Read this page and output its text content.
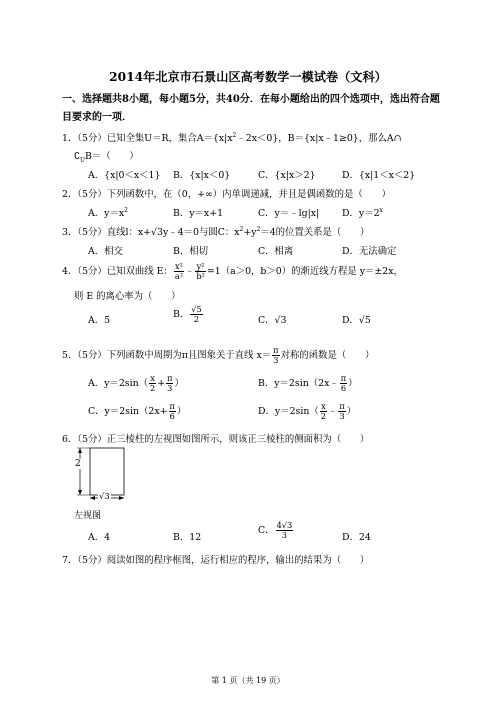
2014年北京市石景山区高考数学一模试卷（文科）
一、选择题共8小题，每小题5分，共40分．在每小题给出的四个选项中，选出符合题目要求的一项．
1．（5分）已知全集U＝R，集合$A=\{x|x^2﹣2x<0\}$，B＝{x|x﹣1≥0}，那么A∩
$∁_UB=$（　　）
A．{x|0＜x＜1} B．{x|x＜0}	C．{x|x＞2}	D．{x|1＜x＜2}
2．（5分）下列函数中，在（0，+∞）内单调递减，并且是偶函数的是（　　）
A．$y=x^2$	B．y＝x+1	C．y＝﹣lg|x| D．$y=2^x$
3．（5分）直线l：x+√3y﹣4＝0与圆C：$x^2+y^2=4$的位置关系是（　　）
A．相交	B．相切	C．相离	D．无法确定
4．（5分）已知双曲线 E： $\frac{\text{x²}}{\text{a²}}$ ﹣ $\frac{\text{y²}}{\text{b²}} =1(a>0$，b＞0）的渐近线方程是 y＝±2x，
则 E 的离心率为（　　）
A．5
B． $\frac{√5}{2}$	C．√3	D．√5
5．（5分）下列函数中周期为π且图象关于直线 $x= \frac{\pi}{3}$ 对称的函数是（　　）
A．$y=2\sin( \frac{x}{2} + \frac{\pi}{3}$ ）	B．y＝2sin（2x﹣ $\frac{\pi}{6}$ ）
C．$y=2\sin(2x+ \frac{\pi}{6}$ ）	D．$y=2\sin( \frac{x}{2}$ ﹣ $\frac{\pi}{3}$ ）
6．（5分）正三棱柱的左视图如图所示，则该正三棱柱的侧面积为（　　）
2
√3
左视图
A．4	B．12
C． $\frac{4√3}{3}$	D．24
7．（5分）阅读如图的程序框图，运行相应的程序，输出的结果为（　　）
第 1 页（共 19 页）
